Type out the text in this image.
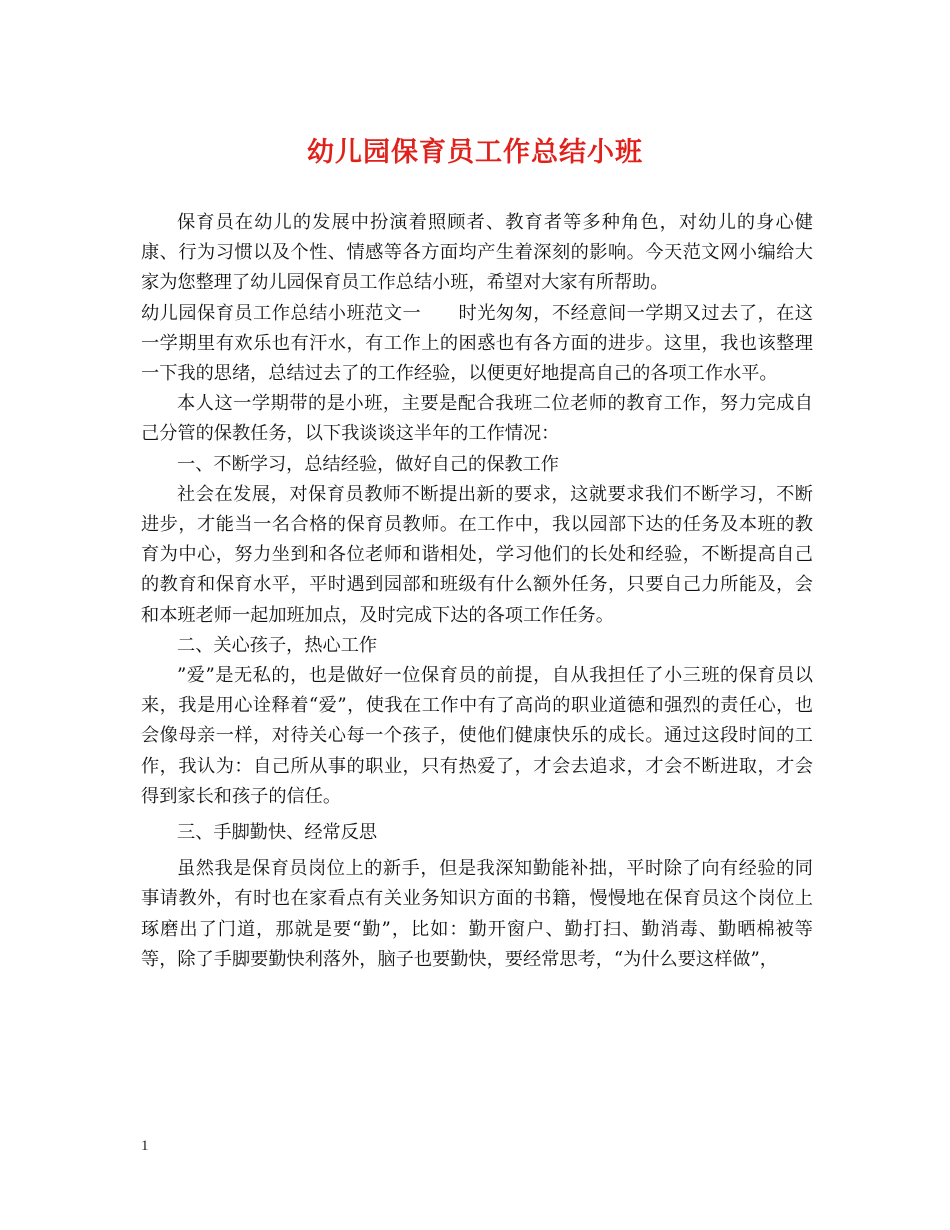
幼儿园保育员工作总结小班

保育员在幼儿的发展中扮演着照顾者、教育者等多种角色，对幼儿的身心健康、行为习惯以及个性、情感等各方面均产生着深刻的影响。今天范文网小编给大家为您整理了幼儿园保育员工作总结小班，希望对大家有所帮助。

幼儿园保育员工作总结小班范文一　　时光匆匆，不经意间一学期又过去了，在这一学期里有欢乐也有汗水，有工作上的困惑也有各方面的进步。这里，我也该整理一下我的思绪，总结过去了的工作经验，以便更好地提高自己的各项工作水平。

本人这一学期带的是小班，主要是配合我班二位老师的教育工作，努力完成自己分管的保教任务，以下我谈谈这半年的工作情况：

一、不断学习，总结经验，做好自己的保教工作

社会在发展，对保育员教师不断提出新的要求，这就要求我们不断学习，不断进步，才能当一名合格的保育员教师。在工作中，我以园部下达的任务及本班的教育为中心，努力坐到和各位老师和谐相处，学习他们的长处和经验，不断提高自己的教育和保育水平，平时遇到园部和班级有什么额外任务，只要自己力所能及，会和本班老师一起加班加点，及时完成下达的各项工作任务。

二、关心孩子，热心工作

”爱”是无私的，也是做好一位保育员的前提，自从我担任了小三班的保育员以来，我是用心诠释着“爱”，使我在工作中有了高尚的职业道德和强烈的责任心，也会像母亲一样，对待关心每一个孩子，使他们健康快乐的成长。通过这段时间的工作，我认为：自己所从事的职业，只有热爱了，才会去追求，才会不断进取，才会得到家长和孩子的信任。

三、手脚勤快、经常反思

虽然我是保育员岗位上的新手，但是我深知勤能补拙，平时除了向有经验的同事请教外，有时也在家看点有关业务知识方面的书籍，慢慢地在保育员这个岗位上琢磨出了门道，那就是要“勤”，比如：勤开窗户、勤打扫、勤消毒、勤晒棉被等等，除了手脚要勤快利落外，脑子也要勤快，要经常思考，“为什么要这样做”，

1
